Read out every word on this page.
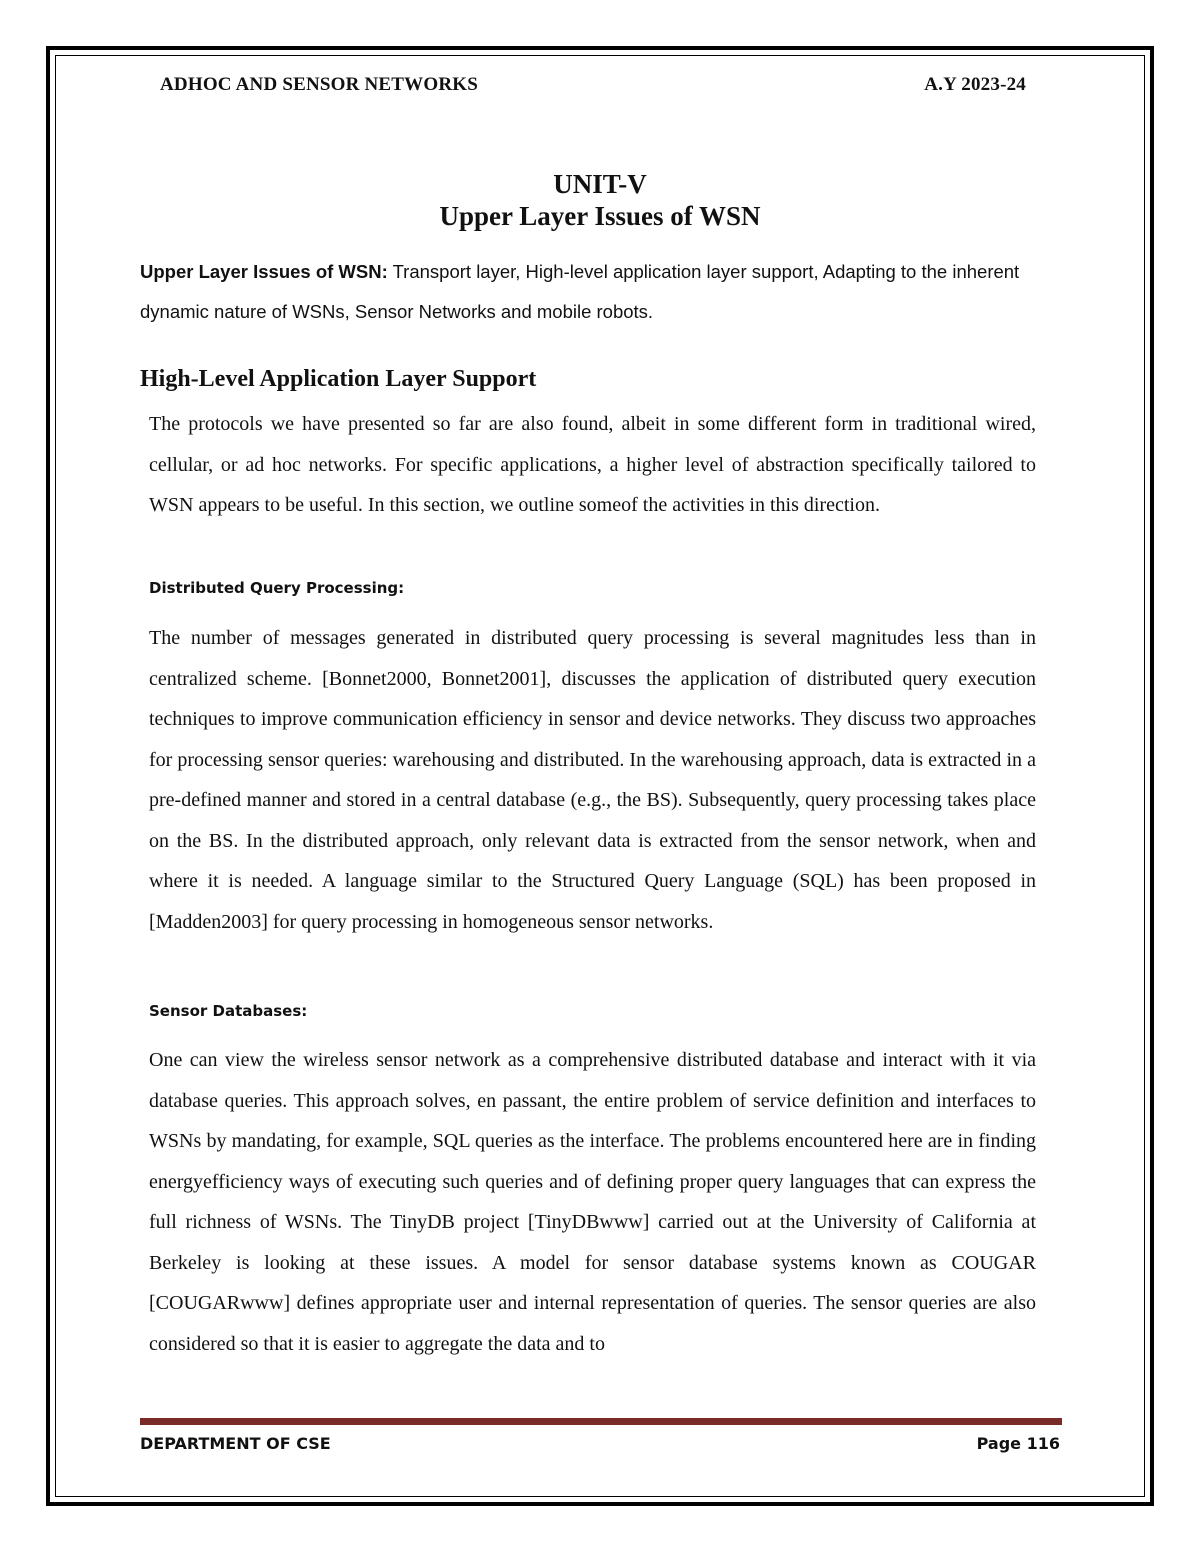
ADHOC AND SENSOR NETWORKS	A.Y 2023-24
UNIT-V
Upper Layer Issues of WSN

Upper Layer Issues of WSN: Transport layer, High-level application layer support, Adapting to the inherent dynamic nature of WSNs, Sensor Networks and mobile robots.

High-Level Application Layer Support

The protocols we have presented so far are also found, albeit in some different form in traditional wired, cellular, or ad hoc networks. For specific applications, a higher level of abstraction specifically tailored to WSN appears to be useful. In this section, we outline someof the activities in this direction.

Distributed Query Processing:

The number of messages generated in distributed query processing is several magnitudes less than in centralized scheme. [Bonnet2000, Bonnet2001], discusses the application of distributed query execution techniques to improve communication efficiency in sensor and device networks. They discuss two approaches for processing sensor queries: warehousing and distributed. In the warehousing approach, data is extracted in a pre-defined manner and stored in a central database (e.g., the BS). Subsequently, query processing takes place on the BS. In the distributed approach, only relevant data is extracted from the sensor network, when and where it is needed. A language similar to the Structured Query Language (SQL) has been proposed in [Madden2003] for query processing in homogeneous sensor networks.

Sensor Databases:

One can view the wireless sensor network as a comprehensive distributed database and interact with it via database queries. This approach solves, en passant, the entire problem of service definition and interfaces to WSNs by mandating, for example, SQL queries as the interface. The problems encountered here are in finding energyefficiency ways of executing such queries and of defining proper query languages that can express the full richness of WSNs. The TinyDB project [TinyDBwww] carried out at the University of California at Berkeley is looking at these issues. A model for sensor database systems known as COUGAR [COUGARwww] defines appropriate user and internal representation of queries. The sensor queries are also considered so that it is easier to aggregate the data and to

DEPARTMENT OF CSE	Page 116
